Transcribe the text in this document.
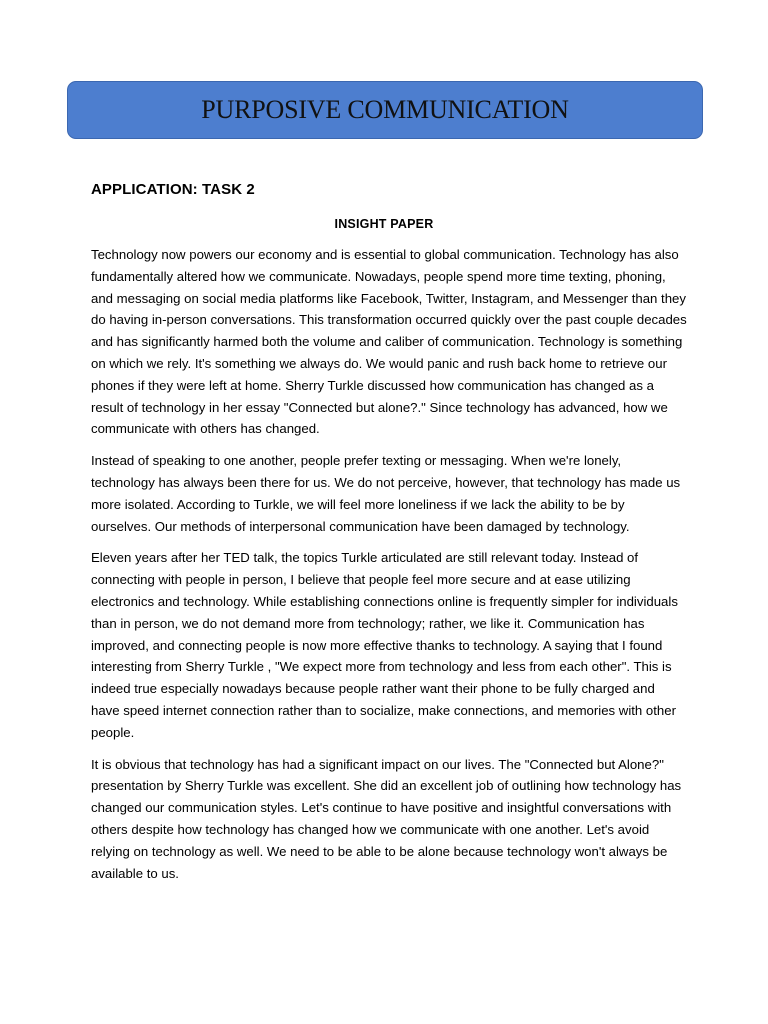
PURPOSIVE COMMUNICATION
APPLICATION: TASK 2
INSIGHT PAPER

Technology now powers our economy and is essential to global communication. Technology has also fundamentally altered how we communicate. Nowadays, people spend more time texting, phoning, and messaging on social media platforms like Facebook, Twitter, Instagram, and Messenger than they do having in-person conversations. This transformation occurred quickly over the past couple decades and has significantly harmed both the volume and caliber of communication. Technology is something on which we rely. It's something we always do. We would panic and rush back home to retrieve our phones if they were left at home. Sherry Turkle discussed how communication has changed as a result of technology in her essay "Connected but alone?." Since technology has advanced, how we communicate with others has changed.

Instead of speaking to one another, people prefer texting or messaging. When we're lonely, technology has always been there for us. We do not perceive, however, that technology has made us more isolated. According to Turkle, we will feel more loneliness if we lack the ability to be by ourselves. Our methods of interpersonal communication have been damaged by technology.

Eleven years after her TED talk, the topics Turkle articulated are still relevant today. Instead of connecting with people in person, I believe that people feel more secure and at ease utilizing electronics and technology. While establishing connections online is frequently simpler for individuals than in person, we do not demand more from technology; rather, we like it. Communication has improved, and connecting people is now more effective thanks to technology. A saying that I found interesting from Sherry Turkle , "We expect more from technology and less from each other". This is indeed true especially nowadays because people rather want their phone to be fully charged and have speed internet connection rather than to socialize, make connections, and memories with other people.

It is obvious that technology has had a significant impact on our lives. The "Connected but Alone?" presentation by Sherry Turkle was excellent. She did an excellent job of outlining how technology has changed our communication styles. Let's continue to have positive and insightful conversations with others despite how technology has changed how we communicate with one another. Let's avoid relying on technology as well. We need to be able to be alone because technology won't always be available to us.
